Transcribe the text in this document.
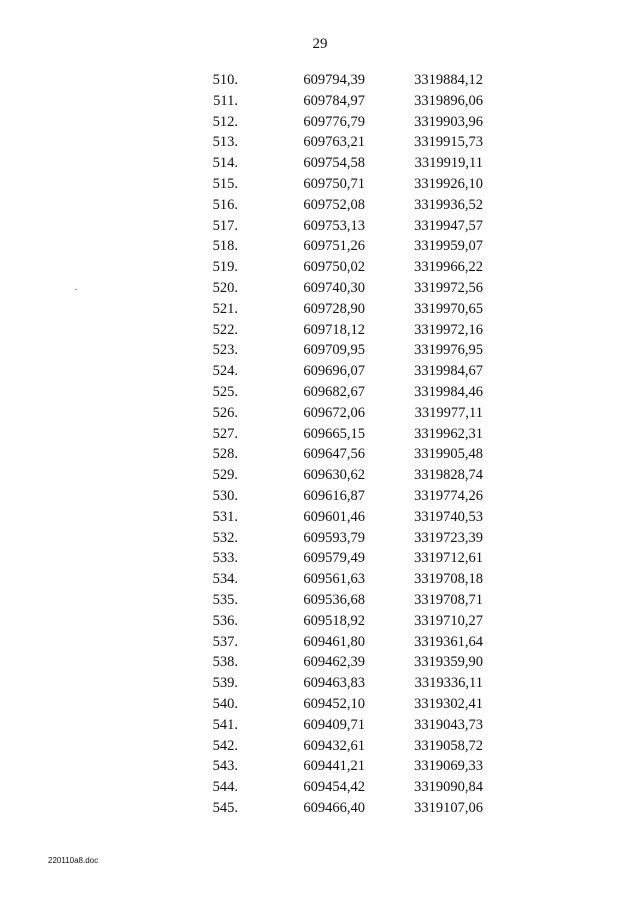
29
510.	609794,39	3319884,12
511.	609784,97	3319896,06
512.	609776,79	3319903,96
513.	609763,21	3319915,73
514.	609754,58	3319919,11
515.	609750,71	3319926,10
516.	609752,08	3319936,52
517.	609753,13	3319947,57
518.	609751,26	3319959,07
519.	609750,02	3319966,22
520.	609740,30	3319972,56
521.	609728,90	3319970,65
522.	609718,12	3319972,16
523.	609709,95	3319976,95
524.	609696,07	3319984,67
525.	609682,67	3319984,46
526.	609672,06	3319977,11
527.	609665,15	3319962,31
528.	609647,56	3319905,48
529.	609630,62	3319828,74
530.	609616,87	3319774,26
531.	609601,46	3319740,53
532.	609593,79	3319723,39
533.	609579,49	3319712,61
534.	609561,63	3319708,18
535.	609536,68	3319708,71
536.	609518,92	3319710,27
537.	609461,80	3319361,64
538.	609462,39	3319359,90
539.	609463,83	3319336,11
540.	609452,10	3319302,41
541.	609409,71	3319043,73
542.	609432,61	3319058,72
543.	609441,21	3319069,33
544.	609454,42	3319090,84
545.	609466,40	3319107,06
220110a8.doc
